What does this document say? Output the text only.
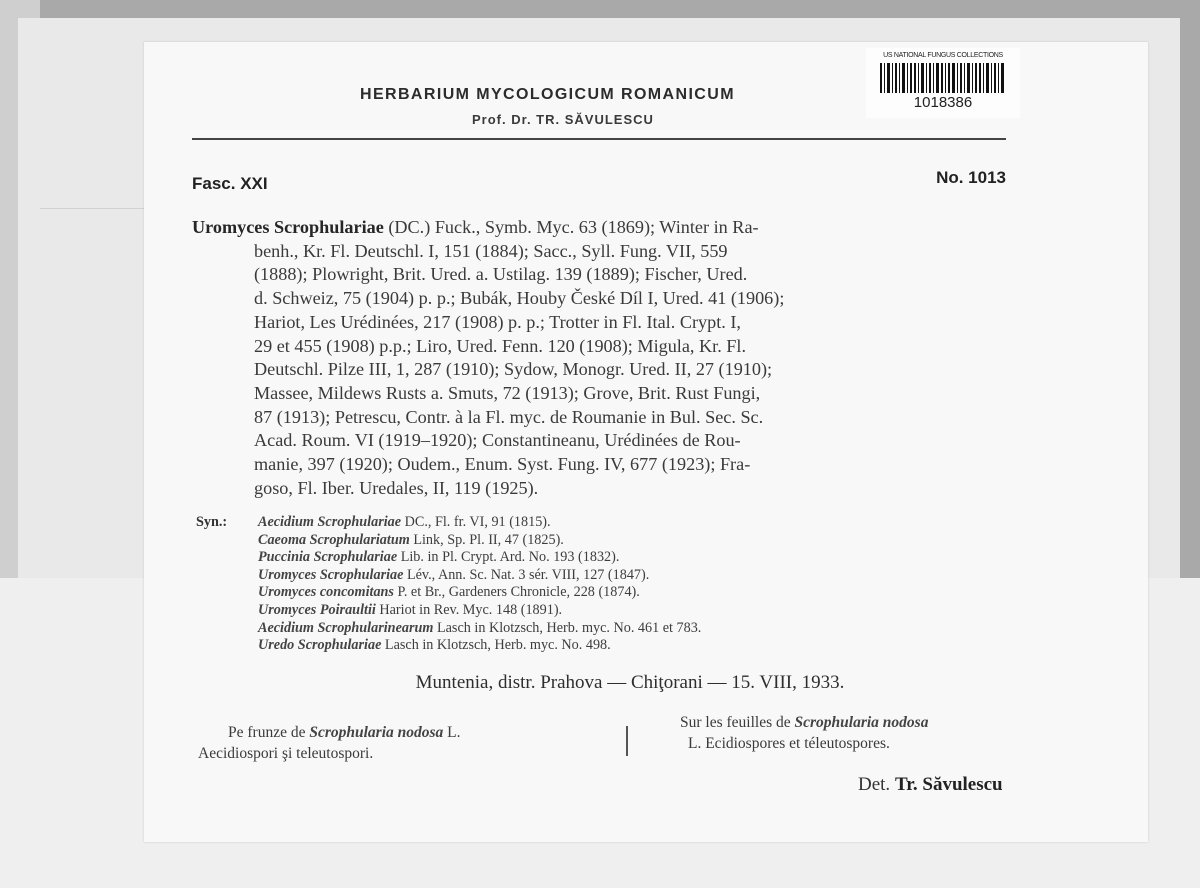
US NATIONAL FUNGUS COLLECTIONS
1018386
HERBARIUM MYCOLOGICUM ROMANICUM
Prof. Dr. TR. SĂVULESCU
Fasc. XXI	No. 1013
Uromyces Scrophulariae (DC.) Fuck., Symb. Myc. 63 (1869); Winter in Ra-
benh., Kr. Fl. Deutschl. I, 151 (1884); Sacc., Syll. Fung. VII, 559
(1888); Plowright, Brit. Ured. a. Ustilag. 139 (1889); Fischer, Ured.
d. Schweiz, 75 (1904) p. p.; Bubák, Houby České Díl I, Ured. 41 (1906);
Hariot, Les Urédinées, 217 (1908) p. p.; Trotter in Fl. Ital. Crypt. I,
29 et 455 (1908) p.p.; Liro, Ured. Fenn. 120 (1908); Migula, Kr. Fl.
Deutschl. Pilze III, 1, 287 (1910); Sydow, Monogr. Ured. II, 27 (1910);
Massee, Mildews Rusts a. Smuts, 72 (1913); Grove, Brit. Rust Fungi,
87 (1913); Petrescu, Contr. à la Fl. myc. de Roumanie in Bul. Sec. Sc.
Acad. Roum. VI (1919–1920); Constantineanu, Urédinées de Rou-
manie, 397 (1920); Oudem., Enum. Syst. Fung. IV, 677 (1923); Fra-
goso, Fl. Iber. Uredales, II, 119 (1925).
Syn.: Aecidium Scrophulariae DC., Fl. fr. VI, 91 (1815).
Caeoma Scrophulariatum Link, Sp. Pl. II, 47 (1825).
Puccinia Scrophulariae Lib. in Pl. Crypt. Ard. No. 193 (1832).
Uromyces Scrophulariae Lév., Ann. Sc. Nat. 3 sér. VIII, 127 (1847).
Uromyces concomitans P. et Br., Gardeners Chronicle, 228 (1874).
Uromyces Poiraultii Hariot in Rev. Myc. 148 (1891).
Aecidium Scrophularinearum Lasch in Klotzsch, Herb. myc. No. 461 et 783.
Uredo Scrophulariae Lasch in Klotzsch, Herb. myc. No. 498.
Muntenia, distr. Prahova — Chiţorani — 15. VIII, 1933.
Pe frunze de Scrophularia nodosa L.
Aecidiospori şi teleutospori.
Sur les feuilles de Scrophularia nodosa
L. Ecidiospores et téleutospores.
Det. Tr. Săvulescu
